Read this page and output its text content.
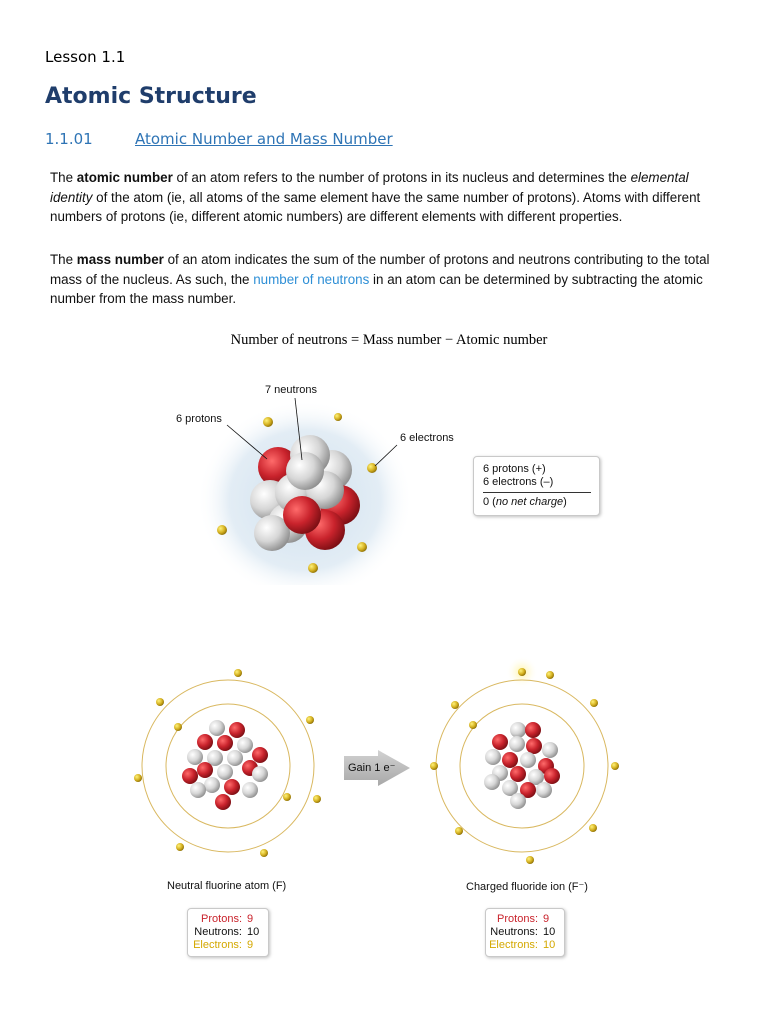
Lesson 1.1
Atomic Structure
1.1.01	Atomic Number and Mass Number
The atomic number of an atom refers to the number of protons in its nucleus and determines the elemental identity of the atom (ie, all atoms of the same element have the same number of protons). Atoms with different numbers of protons (ie, different atomic numbers) are different elements with different properties.
The mass number of an atom indicates the sum of the number of protons and neutrons contributing to the total mass of the nucleus. As such, the number of neutrons in an atom can be determined by subtracting the atomic number from the mass number.
Number of neutrons = Mass number − Atomic number
7 neutrons
6 protons
6 electrons
6 protons (+)
6 electrons (–)
0 (no net charge)
Gain 1 e⁻
Neutral fluorine atom (F)	Charged fluoride ion (F⁻)
Protons: 9
Neutrons: 10
Electrons: 9
Protons: 9
Neutrons: 10
Electrons: 10
